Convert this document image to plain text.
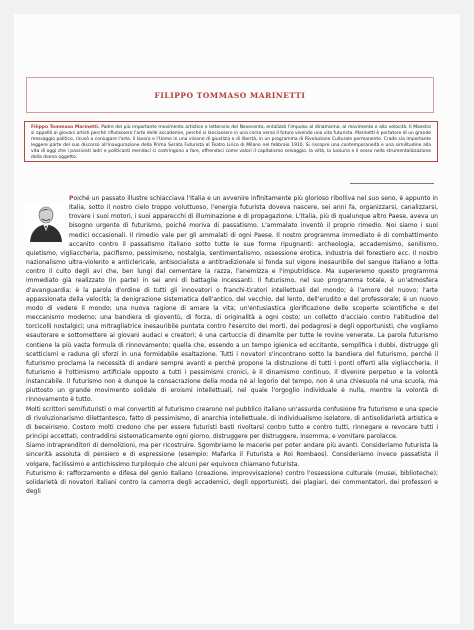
FILIPPO TOMMASO MARINETTI
Filippo Tommaso Marinetti. Padre del più importante movimento artistico e letterario del Novecento, entalizzò l'impulso al dinamismo, al movimento e alla velocità. Il Maestro si appellò ai giovani artisti perché rifiutassero l'arte delle accademie, perché si lanciassero in una corsa verso il futuro vivendo una vita futurista. Marinetti è portatore di un grande messaggio politico, ricusò a coniugare l'arte, il lavoro e l'Uomo in una visione di giustizia e di libertà, in un programma di Rivoluzione Culturale permanente. Crado sia importante leggere parte del suo discorso all'inaugurazione della Prima Serata Futurista al Teatro Lirico di Milano nel febbraio 1910. Si riscopre una contemporaneità e una similitudine alla vita di oggi che i passivisti ladri e politicanti mendaci ci costringono a fare, offrendoci come valori il capitalismo selvaggio, la viltà, la lussuria e il sesso nella strumentalizzazione della donna oggetto.

Poiché un passato illustre schiacciava l'Italia e un avvenire infinitamente più glorioso ribolliva nel suo seno, è appunto in Italia, sotto il nostro cielo troppo voluttuoso, l'energia futurista doveva nascere, sei anni fa, organizzarsi, canalizzarsi, trovare i suoi motori, i suoi apparecchi di illuminazione e di propagazione. L'Italia, più di qualunque altro Paese, aveva un bisogno urgente di futurismo, poiché moriva di passatismo. L'ammalato inventò il proprio rimedio. Noi siamo i suoi medici occasionali. Il rimedio vale per gli ammalati di ogni Paese. Il nostro programma immediato è di combattimento accanito contro il passatismo italiano sotto tutte le sue forme ripugnanti: archeologia, accademismo, senilismo, quietismo, vigliaccheria, pacifismo, pessimismo, nostalgia, sentimentalismo, ossessione erotica, industria del forestiero ecc. Il nostro nazionalismo ultra-violento e anticlericale, antisocialista e antitradizionale si fonda sul vigore inesauribile del sangue italiano e lotta contro il culto degli avi che, ben lungi dal cementare la razza, l'anemizza e l'imputridisce. Ma supereremo questo programma immediato già realizzato (in parte) in sei anni di battaglie incessanti. Il futurismo, nel suo programma totale, è un'atmosfera d'avanguardia; è la parola d'ordine di tutti gli innovatori o franchi-tiratori intellettuali del mondo; è l'amore del nuovo; l'arte appassionata della velocità; la denigrazione sistematica dell'antico, del vecchio, del lento, dell'erudito e del professorale; è un nuovo modo di vedere il mondo; una nuova ragione di amare la vita; un'entusiastica glorificazione delle scoperte scientifiche e del meccanismo moderno; una bandiera di gioventù, di forza, di originalità a ogni costo; un colletto d'acciaio contro l'abitudine del torcicolli nostalgici; una mitragliatrice inesauribile puntata contro l'esercito dei morti, dei podagrosi e degli opportunisti, che vogliamo esautorare e sottomettere ai giovani audaci e creatori; è una cartuccia di dinamite per tutte le rovine venerate. La parola futurismo contiene la più vasta formula di rinnovamento; quella che, essendo a un tempo igienica ed eccitante, semplifica i dubbi, distrugge gli scetticismi e raduna gli sforzi in una formidabile esaltazione. Tutti i novatori s'incontrano sotto la bandiera del futurismo, perché il futurismo proclama la necessità di andare sempre avanti e perché propone la distruzione di tutti i ponti offerti alla vigliaccheria. Il futurismo è l'ottimismo artificiale opposto a tutti i pessimismi cronici, è il dinamismo continuo, il divenire perpetuo e la volontà instancabile. Il futurismo non è dunque la consacrazione della moda né al logorio del tempo, non è una chiesuola né una scuola, ma piuttosto un grande movimento solidale di eroismi intellettuali, nel quale l'orgoglio individuale è nulla, mentre la volontà di rinnovamento è tutto.

Molti scrittori semifuturisti o mal convertiti al futurismo crearono nel pubblico italiano un'assurda confusione fra futurismo e una specie di rivoluzionarismo dilettantesco, fatto di pessimismo, di anarchia intellettuale, di individualismo isolatore, di antisolidarietà artistica e di beceirismo. Costoro molti credono che per essere futuristi basti rivoltarsi contro tutto e contro tutti, rinnegare e revocare tutti i principi accettati, contraddirsi sistematicamente ogni giorno, distruggere per distruggere, insomma, e vomitare parolacce.

Siamo intraprenditori di demolizioni, ma per ricostruire. Sgombriamo le macerie per poter andare più avanti. Consideriamo futurista la sincerità assoluta di pensiero e di espressione (esempio: Mafarka il Futurista e Roi Rombaos). Consideriamo invece passatista il volgare, facilissimo e antichissimo turpiloquio che alcuni per equivoco chiamano futurista.

Futurismo è: rafforzamento e difesa del genio italiano (creazione, improvvisazione) contro l'ossessione culturale (musei, biblioteche); solidarietà di novatori italiani contro la camorra degli accademici, degli opportunisti, dei plagiari, dei commentatori, dei professori e degli
